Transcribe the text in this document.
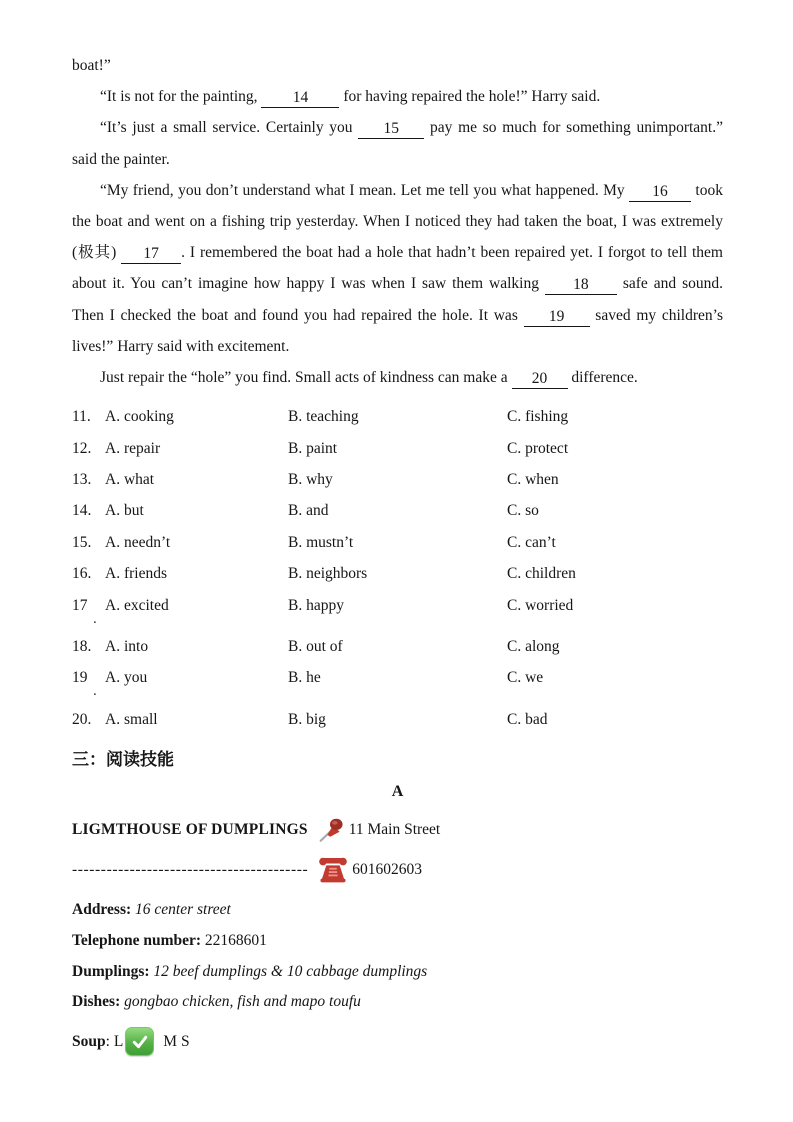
boat!”

“It is not for the painting, 14 for having repaired the hole!” Harry said.

“It’s just a small service. Certainly you 15 pay me so much for something unimportant.” said the painter.

“My friend, you don’t understand what I mean. Let me tell you what happened. My 16 took the boat and went on a fishing trip yesterday. When I noticed they had taken the boat, I was extremely (极其) 17 . I remembered the boat had a hole that hadn’t been repaired yet. I forgot to tell them about it. You can’t imagine how happy I was when I saw them walking 18 safe and sound. Then I checked the boat and found you had repaired the hole. It was 19 saved my children’s lives!” Harry said with excitement.

Just repair the “hole” you find. Small acts of kindness can make a 20 difference.

11. A. cooking	B. teaching	C. fishing
12. A. repair	B. paint	C. protect
13. A. what	B. why	C. when
14. A. but	B. and	C. so
15. A. needn’t	B. mustn’t	C. can’t
16. A. friends	B. neighbors	C. children
17
.
A. excited	B. happy	C. worried
18. A. into	B. out of	C. along
19
.
A. you	B. he	C. we
20. A. small	B. big	C. bad
三：阅读技能
A
LIGMTHOUSE OF DUMPLINGS	11 Main Street
-----------------------------------------	601602603
Address: 16 center street
Telephone number: 22168601
Dumplings: 12 beef dumplings & 10 cabbage dumplings
Dishes: gongbao chicken, fish and mapo toufu
Soup : L	M S
